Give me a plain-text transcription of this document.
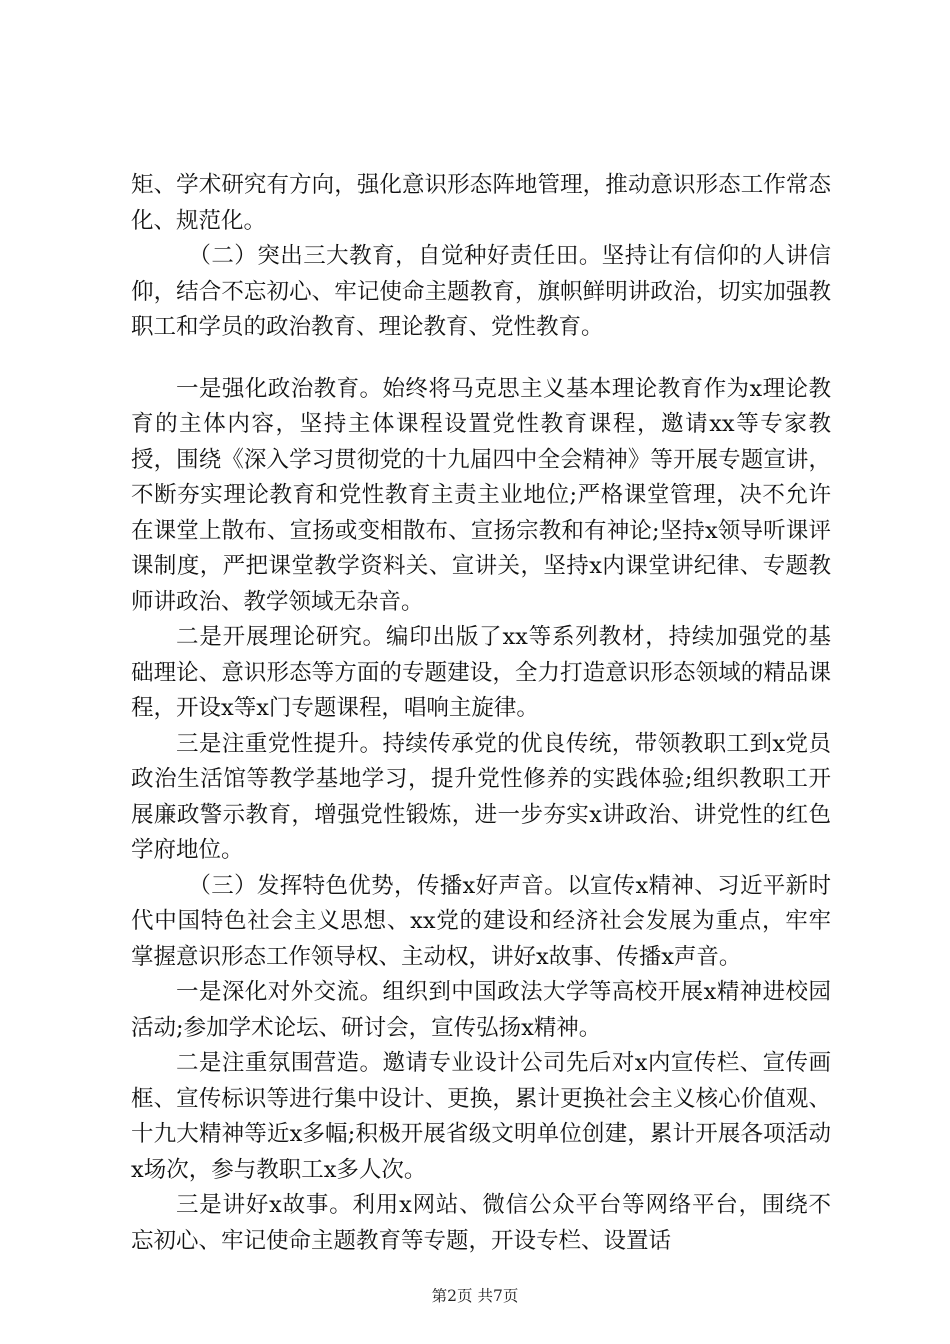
矩、学术研究有方向，强化意识形态阵地管理，推动意识形态工作常态化、规范化。

（二）突出三大教育，自觉种好责任田。坚持让有信仰的人讲信仰，结合不忘初心、牢记使命主题教育，旗帜鲜明讲政治，切实加强教职工和学员的政治教育、理论教育、党性教育。

一是强化政治教育。始终将马克思主义基本理论教育作为x理论教育的主体内容，坚持主体课程设置党性教育课程，邀请xx等专家教授，围绕《深入学习贯彻党的十九届四中全会精神》等开展专题宣讲，不断夯实理论教育和党性教育主责主业地位;严格课堂管理，决不允许在课堂上散布、宣扬或变相散布、宣扬宗教和有神论;坚持x领导听课评课制度，严把课堂教学资料关、宣讲关，坚持x内课堂讲纪律、专题教师讲政治、教学领域无杂音。

二是开展理论研究。编印出版了xx等系列教材，持续加强党的基础理论、意识形态等方面的专题建设，全力打造意识形态领域的精品课程，开设x等x门专题课程，唱响主旋律。

三是注重党性提升。持续传承党的优良传统，带领教职工到x党员政治生活馆等教学基地学习，提升党性修养的实践体验;组织教职工开展廉政警示教育，增强党性锻炼，进一步夯实x讲政治、讲党性的红色学府地位。

（三）发挥特色优势，传播x好声音。以宣传x精神、习近平新时代中国特色社会主义思想、xx党的建设和经济社会发展为重点，牢牢掌握意识形态工作领导权、主动权，讲好x故事、传播x声音。

一是深化对外交流。组织到中国政法大学等高校开展x精神进校园活动;参加学术论坛、研讨会，宣传弘扬x精神。

二是注重氛围营造。邀请专业设计公司先后对x内宣传栏、宣传画框、宣传标识等进行集中设计、更换，累计更换社会主义核心价值观、十九大精神等近x多幅;积极开展省级文明单位创建，累计开展各项活动x场次，参与教职工x多人次。

三是讲好x故事。利用x网站、微信公众平台等网络平台，围绕不忘初心、牢记使命主题教育等专题，开设专栏、设置话

第2页 共7页
